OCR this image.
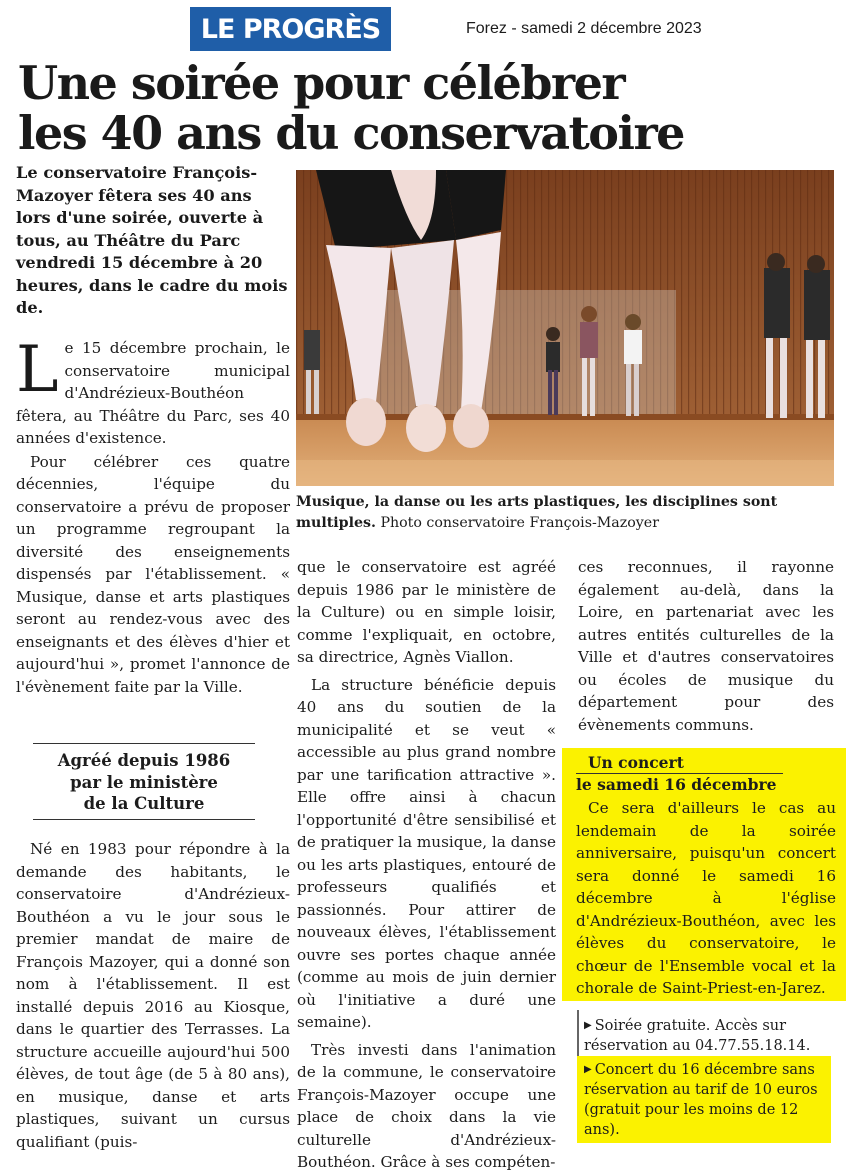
LE PROGRÈS	Forez - samedi 2 décembre 2023
Une soirée pour célébrer
les 40 ans du conservatoire
Le conservatoire François-Mazoyer fêtera ses 40 ans lors d'une soirée, ouverte à tous, au Théâtre du Parc vendredi 15 décembre à 20 heures, dans le cadre du mois de.

Le 15 décembre prochain, le conservatoire municipal d'Andrézieux-Bouthéon fêtera, au Théâtre du Parc, ses 40 années d'existence.

Pour célébrer ces quatre décennies, l'équipe du conservatoire a prévu de proposer un programme regroupant la diversité des enseignements dispensés par l'établissement. « Musique, danse et arts plastiques seront au rendez-vous avec des enseignants et des élèves d'hier et aujourd'hui », promet l'annonce de l'évènement faite par la Ville.

Agréé depuis 1986
par le ministère
de la Culture

Né en 1983 pour répondre à la demande des habitants, le conservatoire d'Andrézieux-Bouthéon a vu le jour sous le premier mandat de maire de François Mazoyer, qui a donné son nom à l'établissement. Il est installé depuis 2016 au Kiosque, dans le quartier des Terrasses. La structure accueille aujourd'hui 500 élèves, de tout âge (de 5 à 80 ans), en musique, danse et arts plastiques, suivant un cursus qualifiant (puis-

Musique, la danse ou les arts plastiques, les disciplines sont multiples. Photo conservatoire François-Mazoyer

que le conservatoire est agréé depuis 1986 par le ministère de la Culture) ou en simple loisir, comme l'expliquait, en octobre, sa directrice, Agnès Viallon.

La structure bénéficie depuis 40 ans du soutien de la municipalité et se veut « accessible au plus grand nombre par une tarification attractive ». Elle offre ainsi à chacun l'opportunité d'être sensibilisé et de pratiquer la musique, la danse ou les arts plastiques, entouré de professeurs qualifiés et passionnés. Pour attirer de nouveaux élèves, l'établissement ouvre ses portes chaque année (comme au mois de juin dernier où l'initiative a duré une semaine).

Très investi dans l'animation de la commune, le conservatoire François-Mazoyer occupe une place de choix dans la vie culturelle d'Andrézieux-Bouthéon. Grâce à ses compéten-

ces reconnues, il rayonne également au-delà, dans la Loire, en partenariat avec les autres entités culturelles de la Ville et d'autres conservatoires ou écoles de musique du département pour des évènements communs.

Un concert
le samedi 16 décembre

Ce sera d'ailleurs le cas au lendemain de la soirée anniversaire, puisqu'un concert sera donné le samedi 16 décembre à l'église d'Andrézieux-Bouthéon, avec les élèves du conservatoire, le chœur de l'Ensemble vocal et la chorale de Saint-Priest-en-Jarez.

▶ Soirée gratuite. Accès sur réservation au 04.77.55.18.14.
▶ Concert du 16 décembre sans réservation au tarif de 10 euros (gratuit pour les moins de 12 ans).
